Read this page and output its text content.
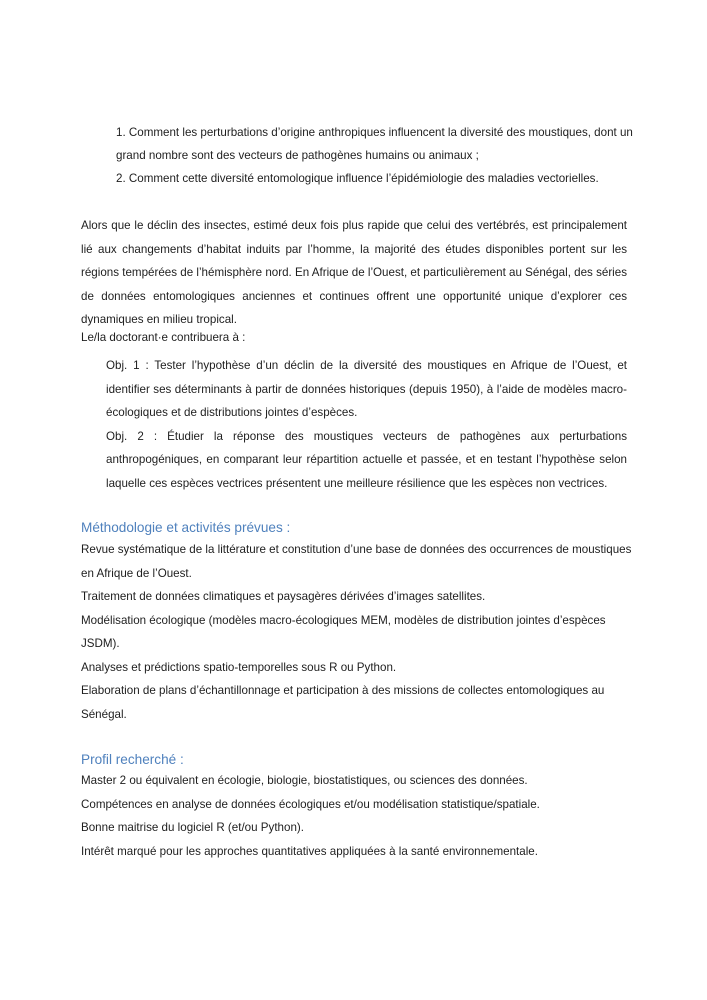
1. Comment les perturbations d’origine anthropiques influencent la diversité des moustiques, dont un grand nombre sont des vecteurs de pathogènes humains ou animaux ;

2. Comment cette diversité entomologique influence l’épidémiologie des maladies vectorielles.

Alors que le déclin des insectes, estimé deux fois plus rapide que celui des vertébrés, est principalement lié aux changements d’habitat induits par l’homme, la majorité des études disponibles portent sur les régions tempérées de l’hémisphère nord. En Afrique de l’Ouest, et particulièrement au Sénégal, des séries de données entomologiques anciennes et continues offrent une opportunité unique d’explorer ces dynamiques en milieu tropical.

Le/la doctorant·e contribuera à :

Obj. 1 : Tester l’hypothèse d’un déclin de la diversité des moustiques en Afrique de l’Ouest, et identifier ses déterminants à partir de données historiques (depuis 1950), à l’aide de modèles macro-écologiques et de distributions jointes d’espèces.

Obj. 2 : Étudier la réponse des moustiques vecteurs de pathogènes aux perturbations anthropogéniques, en comparant leur répartition actuelle et passée, et en testant l’hypothèse selon laquelle ces espèces vectrices présentent une meilleure résilience que les espèces non vectrices.

Méthodologie et activités prévues :

Revue systématique de la littérature et constitution d’une base de données des occurrences de moustiques en Afrique de l’Ouest.

Traitement de données climatiques et paysagères dérivées d’images satellites.

Modélisation écologique (modèles macro-écologiques MEM, modèles de distribution jointes d’espèces JSDM).

Analyses et prédictions spatio-temporelles sous R ou Python.

Elaboration de plans d’échantillonnage et participation à des missions de collectes entomologiques au Sénégal.

Profil recherché :

Master 2 ou équivalent en écologie, biologie, biostatistiques, ou sciences des données.

Compétences en analyse de données écologiques et/ou modélisation statistique/spatiale.

Bonne maitrise du logiciel R (et/ou Python).

Intérêt marqué pour les approches quantitatives appliquées à la santé environnementale.
